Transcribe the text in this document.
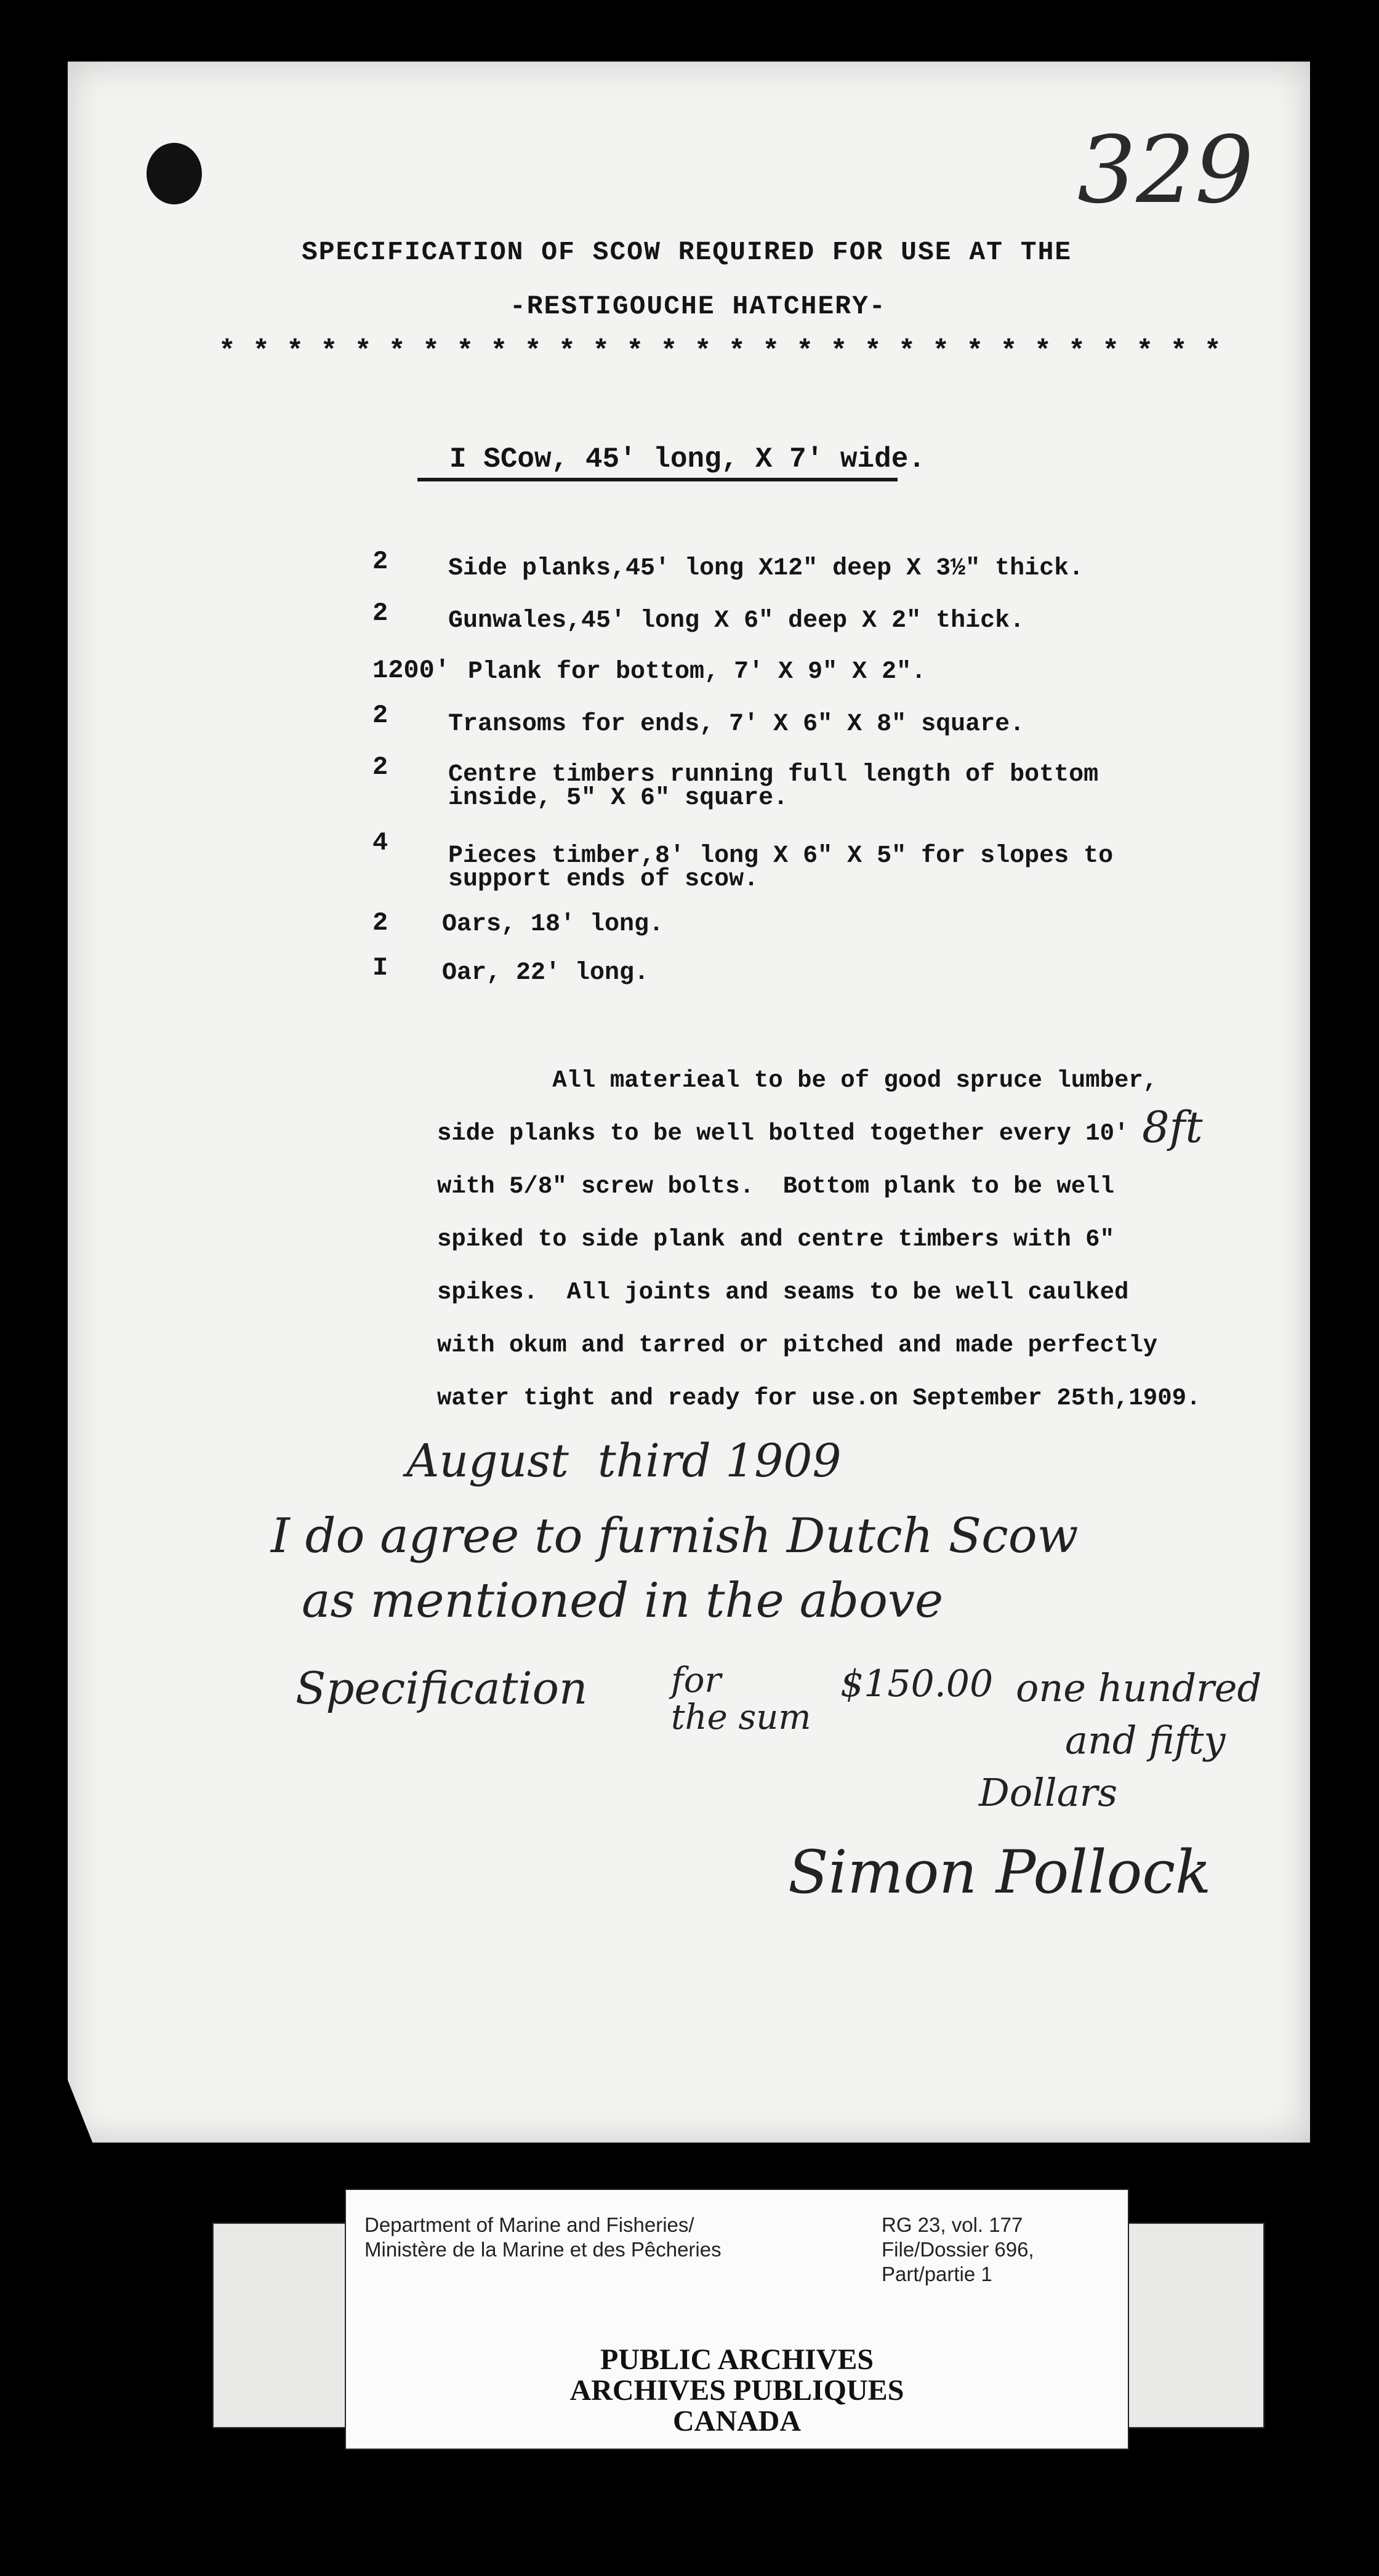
329

SPECIFICATION OF SCOW REQUIRED FOR USE AT THE

-RESTIGOUCHE HATCHERY-

* * * * * * * * * * * * * * * * * * * * * * * * * * * * * *

I SCow, 45' long, X 7' wide.

2 Side planks,45' long X12" deep X 3½" thick.
2 Gunwales,45' long X 6" deep X 2" thick.
1200' Plank for bottom, 7' X 9" X 2".
2 Transoms for ends, 7' X 6" X 8" square.
2 Centre timbers running full length of bottom
inside, 5" X 6" square.
4 Pieces timber,8' long X 6" X 5" for slopes to
support ends of scow.
2 Oars, 18' long.
I Oar, 22' long.

All materieal to be of good spruce lumber,

side planks to be well bolted together every 10'

with 5/8" screw bolts.  Bottom plank to be well

spiked to side plank and centre timbers with 6"

spikes.  All joints and seams to be well caulked

with okum and tarred or pitched and made perfectly

water tight and ready for use.on September 25th,1909.

8ft

August  third 1909

I do agree to furnish Dutch Scow

as mentioned in the above

Specification for
the sum

$150.00 one hundred

and fifty

Dollars

Simon Pollock

Department of Marine and Fisheries/

Ministère de la Marine et des Pêcheries

RG 23, vol. 177

File/Dossier 696,

Part/partie 1

PUBLIC ARCHIVES

ARCHIVES PUBLIQUES

CANADA
